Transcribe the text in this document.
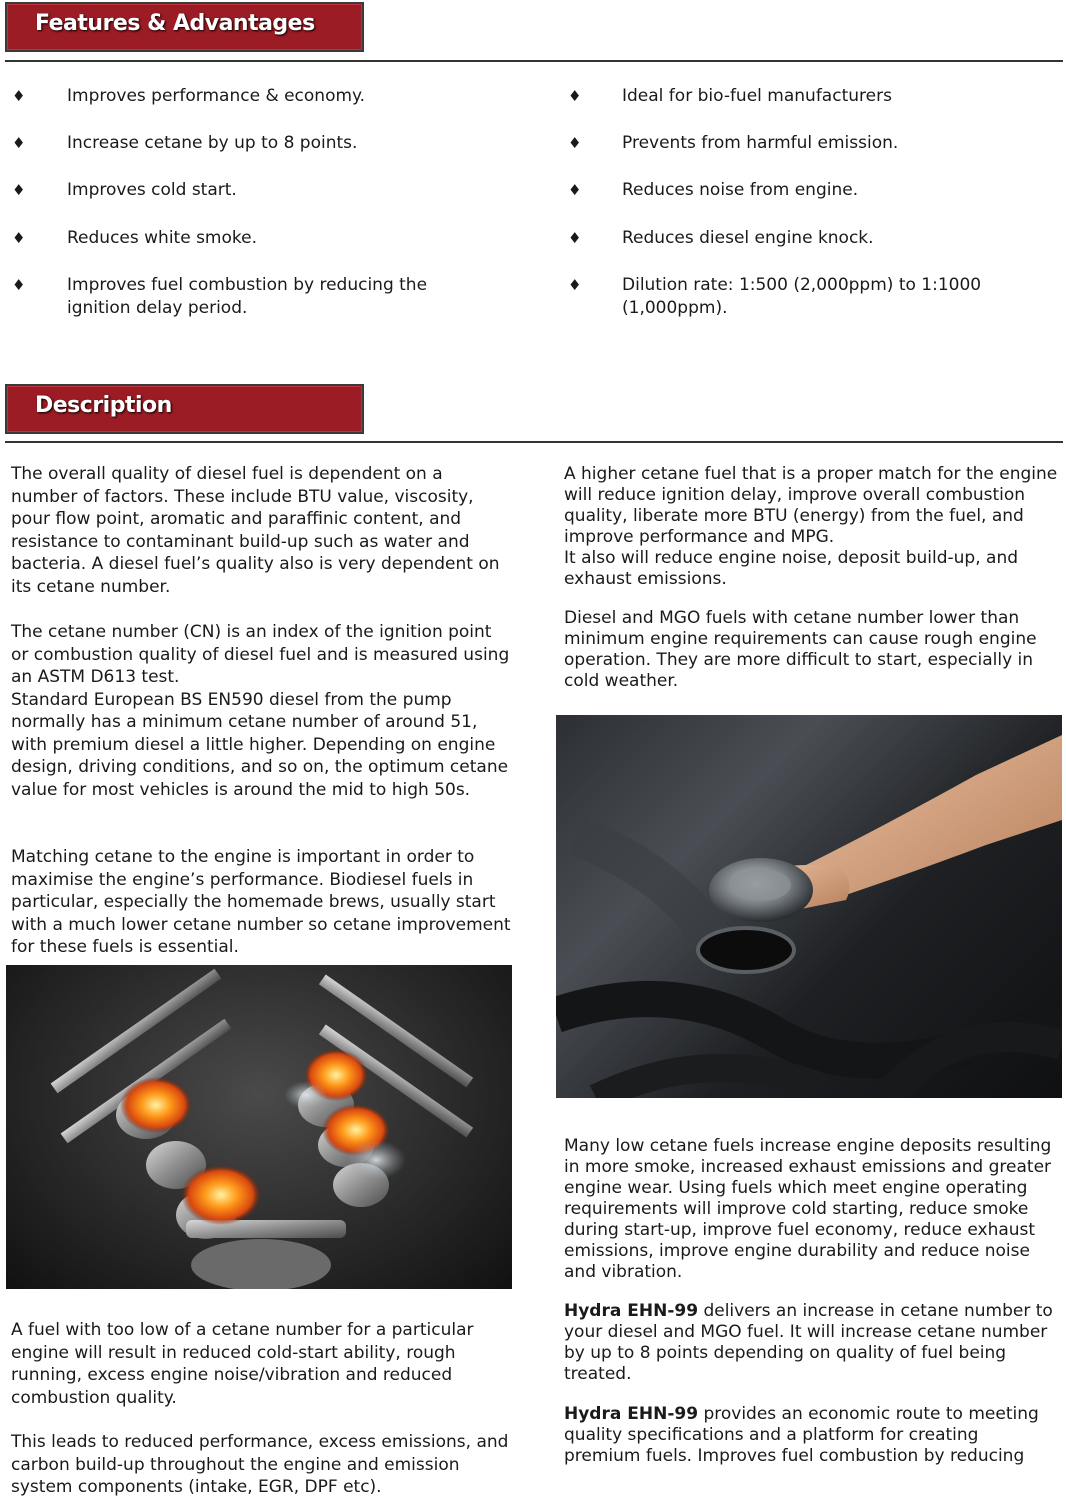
Features & Advantages
♦ Improves performance & economy.
♦ Increase cetane by up to 8 points.
♦ Improves cold start.
♦ Reduces white smoke.
♦ Improves fuel combustion by reducing the ignition delay period.
♦ Ideal for bio-fuel manufacturers
♦ Prevents from harmful emission.
♦ Reduces noise from engine.
♦ Reduces diesel engine knock.
♦ Dilution rate: 1:500 (2,000ppm) to 1:1000 (1,000ppm).
Description
The overall quality of diesel fuel is dependent on a number of factors. These include BTU value, viscosity, pour flow point, aromatic and paraffinic content, and resistance to contaminant build-up such as water and bacteria. A diesel fuel’s quality also is very dependent on its cetane number.
The cetane number (CN) is an index of the ignition point or combustion quality of diesel fuel and is measured using an ASTM D613 test.
Standard European BS EN590 diesel from the pump normally has a minimum cetane number of around 51, with premium diesel a little higher. Depending on engine design, driving conditions, and so on, the optimum cetane value for most vehicles is around the mid to high 50s.
Matching cetane to the engine is important in order to maximise the engine’s performance. Biodiesel fuels in particular, especially the homemade brews, usually start with a much lower cetane number so cetane improvement for these fuels is essential.
A fuel with too low of a cetane number for a particular engine will result in reduced cold-start ability, rough running, excess engine noise/vibration and reduced combustion quality.
This leads to reduced performance, excess emissions, and carbon build-up throughout the engine and emission system components (intake, EGR, DPF etc).
A higher cetane fuel that is a proper match for the engine will reduce ignition delay, improve overall combustion quality, liberate more BTU (energy) from the fuel, and improve performance and MPG.
It also will reduce engine noise, deposit build-up, and exhaust emissions.
Diesel and MGO fuels with cetane number lower than minimum engine requirements can cause rough engine operation. They are more difficult to start, especially in cold weather.
Many low cetane fuels increase engine deposits resulting in more smoke, increased exhaust emissions and greater engine wear. Using fuels which meet engine operating requirements will improve cold starting, reduce smoke during start-up, improve fuel economy, reduce exhaust emissions, improve engine durability and reduce noise and vibration.
Hydra EHN-99 delivers an increase in cetane number to your diesel and MGO fuel. It will increase cetane number by up to 8 points depending on quality of fuel being treated.
Hydra EHN-99 provides an economic route to meeting quality specifications and a platform for creating premium fuels. Improves fuel combustion by reducing
